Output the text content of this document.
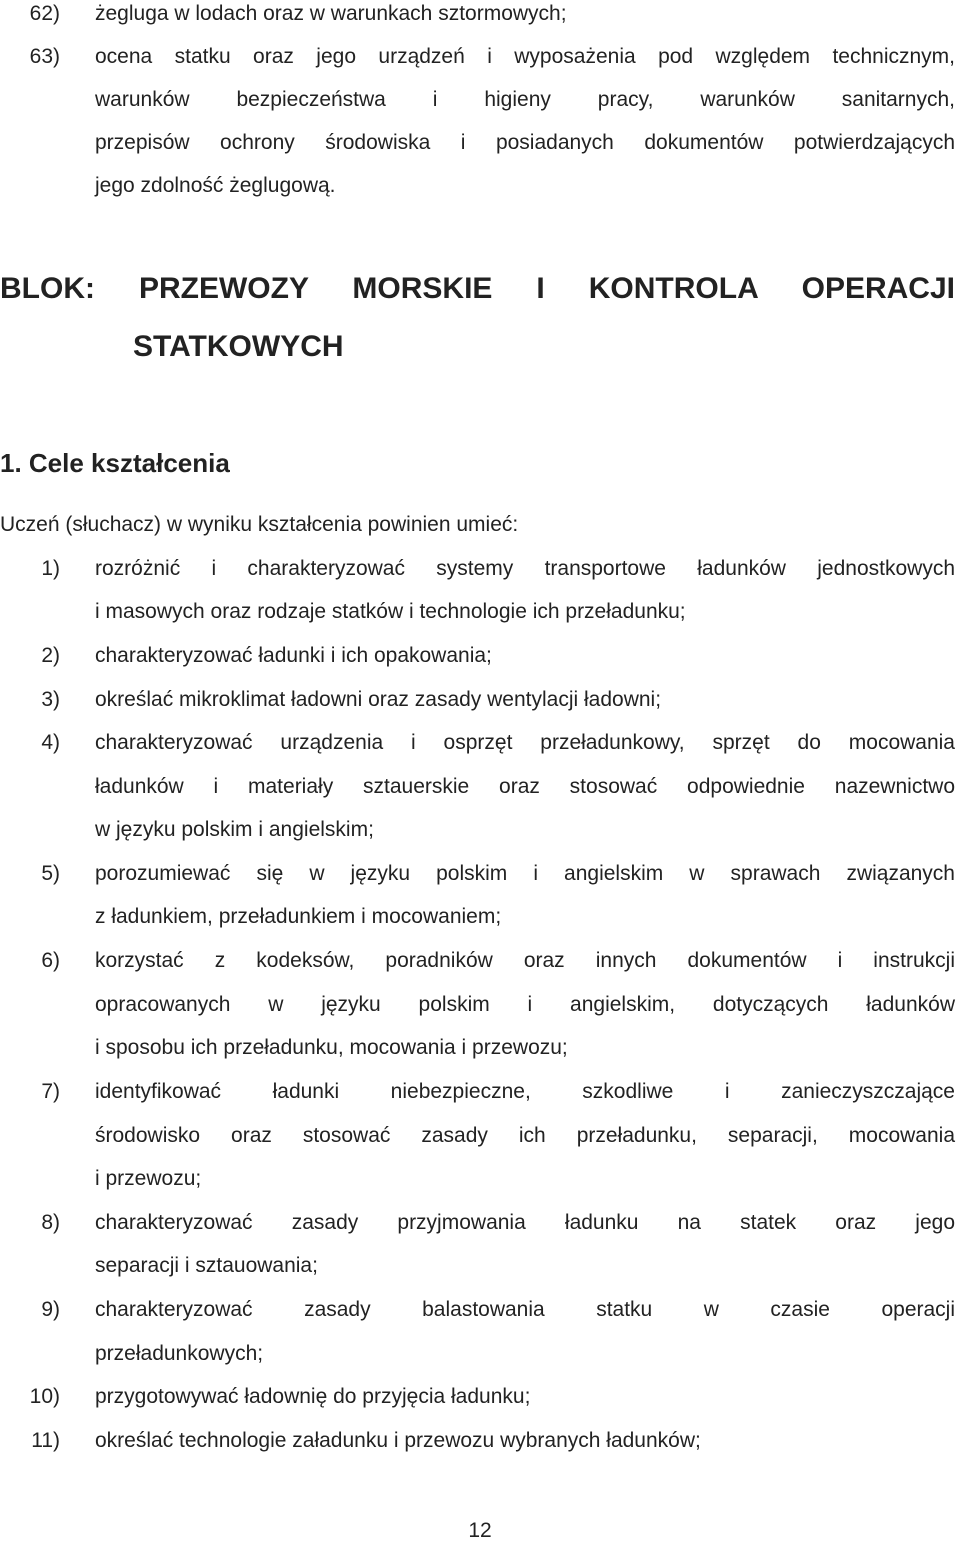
62) żegluga w lodach oraz w warunkach sztormowych;
63) ocena statku oraz jego urządzeń i wyposażenia pod względem technicznym,
warunków bezpieczeństwa i higieny pracy, warunków sanitarnych,
przepisów ochrony środowiska i posiadanych dokumentów potwierdzających
jego zdolność żeglugową.
BLOK: PRZEWOZY MORSKIE I KONTROLA OPERACJI
STATKOWYCH
1. Cele kształcenia
Uczeń (słuchacz) w wyniku kształcenia powinien umieć:
1) rozróżnić i charakteryzować systemy transportowe ładunków jednostkowych
i masowych oraz rodzaje statków i technologie ich przeładunku;
2) charakteryzować ładunki i ich opakowania;
3) określać mikroklimat ładowni oraz zasady wentylacji ładowni;
4) charakteryzować urządzenia i osprzęt przeładunkowy, sprzęt do mocowania
ładunków i materiały sztauerskie oraz stosować odpowiednie nazewnictwo
w języku polskim i angielskim;
5) porozumiewać się w języku polskim i angielskim w sprawach związanych
z ładunkiem, przeładunkiem i mocowaniem;
6) korzystać z kodeksów, poradników oraz innych dokumentów i instrukcji
opracowanych w języku polskim i angielskim, dotyczących ładunków
i sposobu ich przeładunku, mocowania i przewozu;
7) identyfikować ładunki niebezpieczne, szkodliwe i zanieczyszczające
środowisko oraz stosować zasady ich przeładunku, separacji, mocowania
i przewozu;
8) charakteryzować zasady przyjmowania ładunku na statek oraz jego
separacji i sztauowania;
9) charakteryzować zasady balastowania statku w czasie operacji
przeładunkowych;
10) przygotowywać ładownię do przyjęcia ładunku;
11) określać technologie załadunku i przewozu wybranych ładunków;
12
